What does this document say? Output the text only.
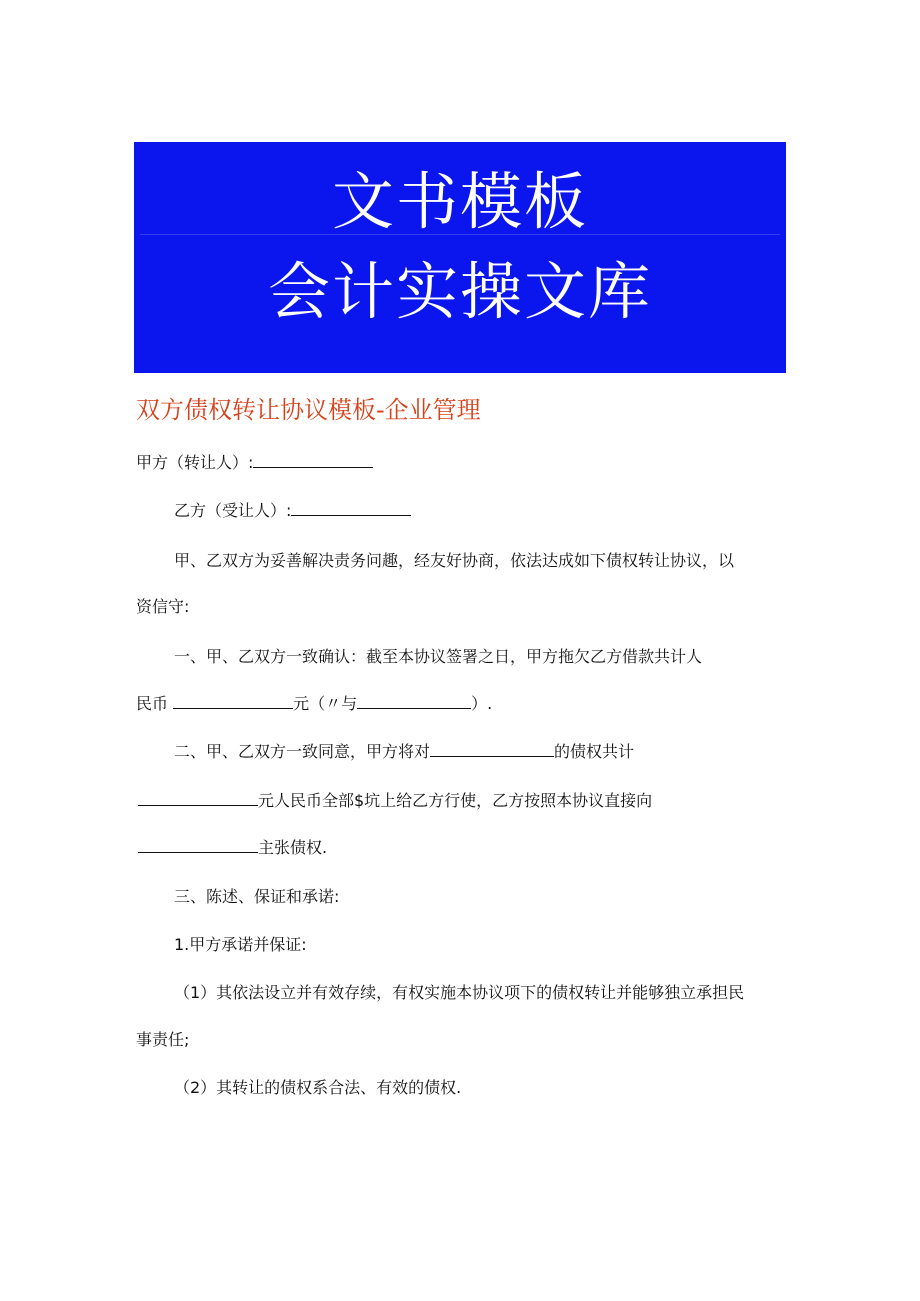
文书模板
会计实操文库
双方债权转让协议模板-企业管理
甲方（转让人）:
乙方（受让人）:
甲、乙双方为妥善解决责务问趣，经友好协商，依法达成如下债权转让协议，以
资信守:
一、甲、乙双方一致确认：截至本协议签署之日，甲方拖欠乙方借款共计人
民币	元（〃与	）.
二、甲、乙双方一致同意，甲方将对	的债权共计
元人民币全部$坑上给乙方行使，乙方按照本协议直接向
主张债权.
三、陈述、保证和承诺:
1.甲方承诺并保证:
（1）其依法设立并有效存续，有权实施本协议项下的债权转让并能够独立承担民
事责任;
（2）其转让的债权系合法、有效的债权.
